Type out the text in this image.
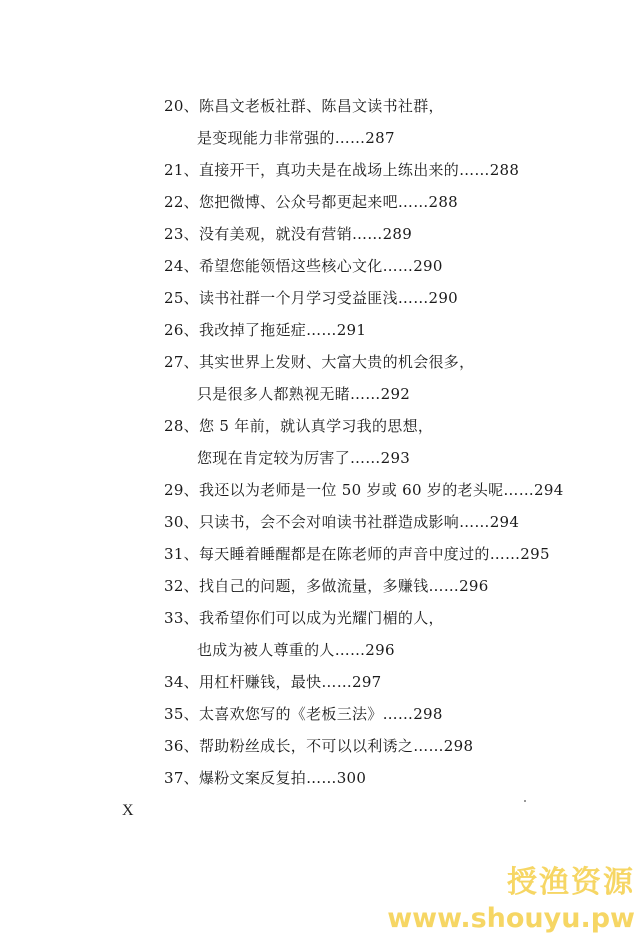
20、陈昌文老板社群、陈昌文读书社群，
是变现能力非常强的……287
21、直接开干，真功夫是在战场上练出来的……288
22、您把微博、公众号都更起来吧……288
23、没有美观，就没有营销……289
24、希望您能领悟这些核心文化……290
25、读书社群一个月学习受益匪浅……290
26、我改掉了拖延症……291
27、其实世界上发财、大富大贵的机会很多，
只是很多人都熟视无睹……292
28、您 5 年前，就认真学习我的思想，
您现在肯定较为厉害了……293
29、我还以为老师是一位 50 岁或 60 岁的老头呢……294
30、只读书，会不会对咱读书社群造成影响……294
31、每天睡着睡醒都是在陈老师的声音中度过的……295
32、找自己的问题，多做流量，多赚钱……296
33、我希望你们可以成为光耀门楣的人，
也成为被人尊重的人……296
34、用杠杆赚钱，最快……297
35、太喜欢您写的《老板三法》……298
36、帮助粉丝成长，不可以以利诱之……298
37、爆粉文案反复拍……300
X
授渔资源
www.shouyu.pw
